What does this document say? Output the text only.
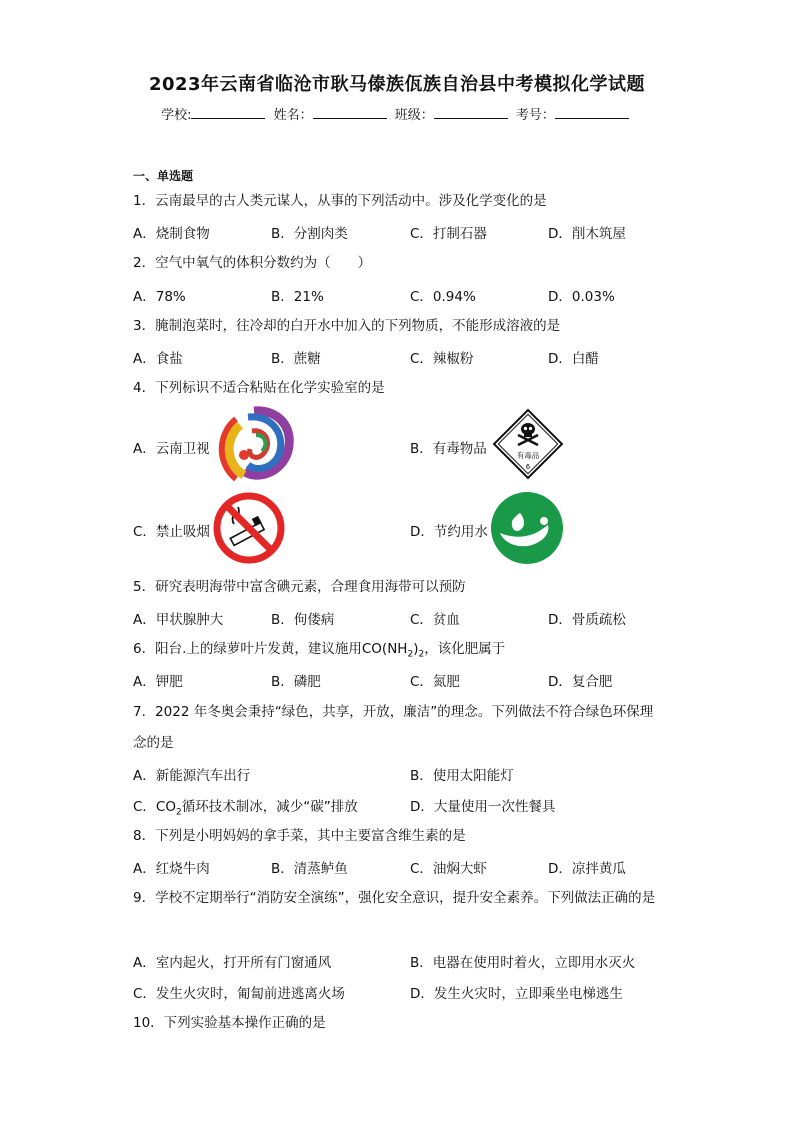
2023年云南省临沧市耿马傣族佤族自治县中考模拟化学试题
学校:	姓名：	班级：	考号：
一、单选题
1．云南最早的古人类元谋人，从事的下列活动中。涉及化学变化的是
A．烧制食物	B．分割肉类	C．打制石器	D．削木筑屋
2．空气中氧气的体积分数约为（　　）
A．78%	B．21%	C．0.94%	D．0.03%
3．腌制泡菜时，往冷却的白开水中加入的下列物质，不能形成溶液的是
A．食盐	B．蔗糖	C．辣椒粉	D．白醋
4．下列标识不适合粘贴在化学实验室的是
A．云南卫视	B．有毒物品	有毒品
6
C．禁止吸烟	D．节约用水
5．研究表明海带中富含碘元素，合理食用海带可以预防
A．甲状腺肿大	B．佝偻病	C．贫血	D．骨质疏松
6．阳台.上的绿萝叶片发黄，建议施用$CO(NH_2)_2$，该化肥属于
A．钾肥	B．磷肥	C．氮肥	D．复合肥
7．2022 年冬奥会秉持“绿色，共享，开放，廉洁”的理念。下列做法不符合绿色环保理念的是
A．新能源汽车出行	B．使用太阳能灯
C．$CO_2$循环技术制冰，减少“碳”排放	D．大量使用一次性餐具
8．下列是小明妈妈的拿手菜，其中主要富含维生素的是
A．红烧牛肉	B．清蒸鲈鱼	C．油焖大虾	D．凉拌黄瓜
9．学校不定期举行“消防安全演练”，强化安全意识，提升安全素养。下列做法正确的是
A．室内起火，打开所有门窗通风	B．电器在使用时着火，立即用水灭火
C．发生火灾时，匍匐前进逃离火场	D．发生火灾时，立即乘坐电梯逃生
10．下列实验基本操作正确的是
